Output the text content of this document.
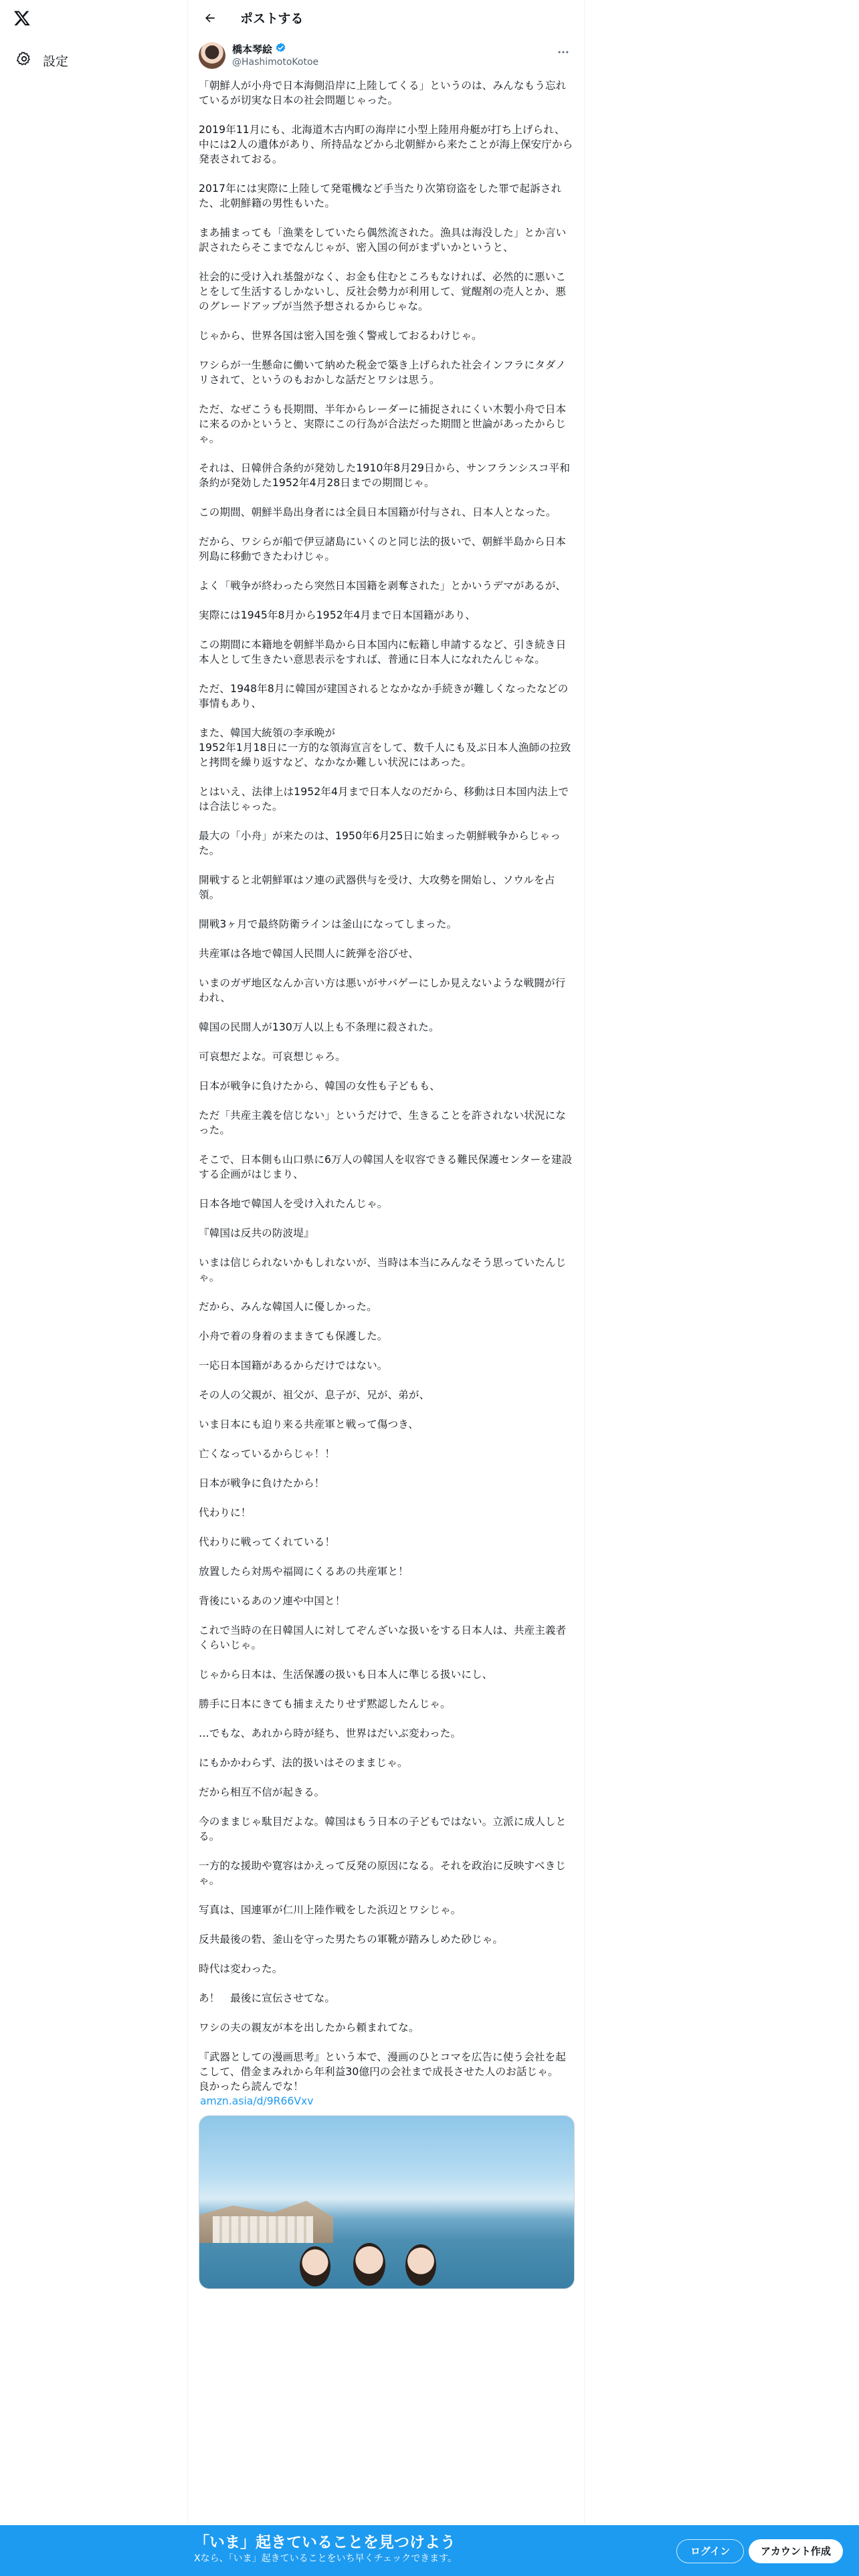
設定
ポストする
橋本琴絵
@HashimotoKotoe

「朝鮮人が小舟で日本海側沿岸に上陸してくる」というのは、みんなもう忘れているが切実な日本の社会問題じゃった。

2019年11月にも、北海道木古内町の海岸に小型上陸用舟艇が打ち上げられ、中には2人の遺体があり、所持品などから北朝鮮から来たことが海上保安庁から発表されておる。

2017年には実際に上陸して発電機など手当たり次第窃盗をした罪で起訴された、北朝鮮籍の男性もいた。

まあ捕まっても「漁業をしていたら偶然流された。漁具は海没した」とか言い訳されたらそこまでなんじゃが、密入国の何がまずいかというと、

社会的に受け入れ基盤がなく、お金も住むところもなければ、必然的に悪いことをして生活するしかないし、反社会勢力が利用して、覚醒剤の売人とか、悪のグレードアップが当然予想されるからじゃな。

じゃから、世界各国は密入国を強く警戒しておるわけじゃ。

ワシらが一生懸命に働いて納めた税金で築き上げられた社会インフラにタダノリされて、というのもおかしな話だとワシは思う。

ただ、なぜこうも長期間、半年からレーダーに捕捉されにくい木製小舟で日本に来るのかというと、実際にこの行為が合法だった期間と世論があったからじゃ。

それは、日韓併合条約が発効した1910年8月29日から、サンフランシスコ平和条約が発効した1952年4月28日までの期間じゃ。

この期間、朝鮮半島出身者には全員日本国籍が付与され、日本人となった。

だから、ワシらが船で伊豆諸島にいくのと同じ法的扱いで、朝鮮半島から日本列島に移動できたわけじゃ。

よく「戦争が終わったら突然日本国籍を剥奪された」とかいうデマがあるが、

実際には1945年8月から1952年4月まで日本国籍があり、

この期間に本籍地を朝鮮半島から日本国内に転籍し申請するなど、引き続き日本人として生きたい意思表示をすれば、普通に日本人になれたんじゃな。

ただ、1948年8月に韓国が建国されるとなかなか手続きが難しくなったなどの事情もあり、

また、韓国大統領の李承晩が
1952年1月18日に一方的な領海宣言をして、数千人にも及ぶ日本人漁師の拉致と拷問を繰り返すなど、なかなか難しい状況にはあった。

とはいえ、法律上は1952年4月まで日本人なのだから、移動は日本国内法上では合法じゃった。

最大の「小舟」が来たのは、1950年6月25日に始まった朝鮮戦争からじゃった。

開戦すると北朝鮮軍はソ連の武器供与を受け、大攻勢を開始し、ソウルを占領。

開戦3ヶ月で最終防衛ラインは釜山になってしまった。

共産軍は各地で韓国人民間人に銃弾を浴びせ、

いまのガザ地区なんか言い方は悪いがサバゲーにしか見えないような戦闘が行われ、

韓国の民間人が130万人以上も不条理に殺された。

可哀想だよな。可哀想じゃろ。

日本が戦争に負けたから、韓国の女性も子どもも、

ただ「共産主義を信じない」というだけで、生きることを許されない状況になった。

そこで、日本側も山口県に6万人の韓国人を収容できる難民保護センターを建設する企画がはじまり、

日本各地で韓国人を受け入れたんじゃ。

『韓国は反共の防波堤』

いまは信じられないかもしれないが、当時は本当にみんなそう思っていたんじゃ。

だから、みんな韓国人に優しかった。

小舟で着の身着のままきても保護した。

一応日本国籍があるからだけではない。

その人の父親が、祖父が、息子が、兄が、弟が、

いま日本にも迫り来る共産軍と戦って傷つき、

亡くなっているからじゃ！！

日本が戦争に負けたから！

代わりに！

代わりに戦ってくれている！

放置したら対馬や福岡にくるあの共産軍と！

背後にいるあのソ連や中国と！

これで当時の在日韓国人に対してぞんざいな扱いをする日本人は、共産主義者くらいじゃ。

じゃから日本は、生活保護の扱いも日本人に準じる扱いにし、

勝手に日本にきても捕まえたりせず黙認したんじゃ。

…でもな、あれから時が経ち、世界はだいぶ変わった。

にもかかわらず、法的扱いはそのままじゃ。

だから相互不信が起きる。

今のままじゃ駄目だよな。韓国はもう日本の子どもではない。立派に成人しとる。

一方的な援助や寛容はかえって反発の原因になる。それを政治に反映すべきじゃ。

写真は、国連軍が仁川上陸作戦をした浜辺とワシじゃ。

反共最後の砦、釜山を守った男たちの軍靴が踏みしめた砂じゃ。

時代は変わった。

あ！　最後に宣伝させてな。

ワシの夫の親友が本を出したから頼まれてな。

『武器としての漫画思考』という本で、漫画のひとコマを広告に使う会社を起こして、借金まみれから年利益30億円の会社まで成長させた人のお話じゃ。
良かったら読んでな！

amzn.asia/d/9R66Vxv
「いま」起きていることを見つけよう
Xなら、「いま」起きていることをいち早くチェックできます。
ログイン	アカウント作成
